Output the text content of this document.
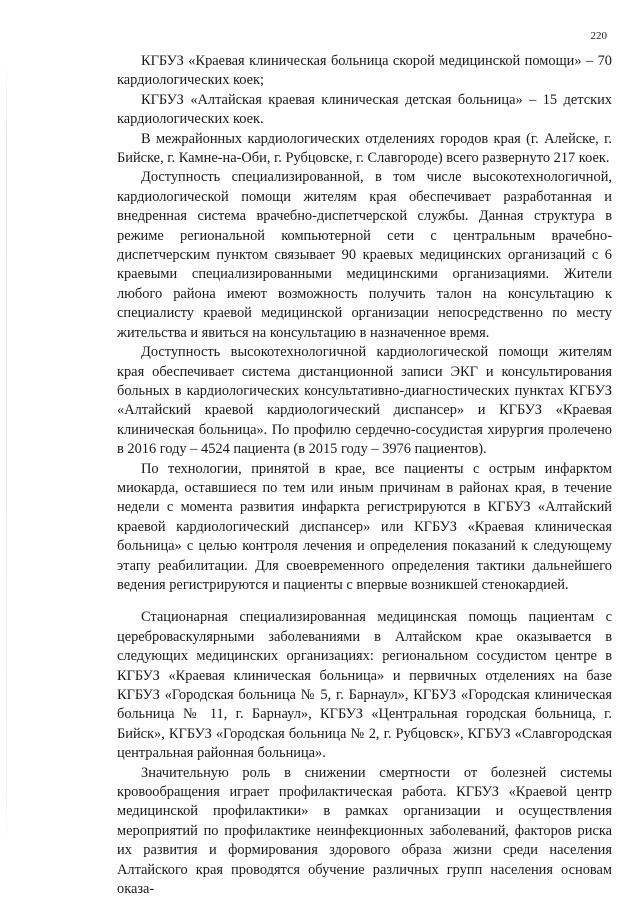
220

КГБУЗ «Краевая клиническая больница скорой медицинской помощи» – 70 кардиологических коек;

КГБУЗ «Алтайская краевая клиническая детская больница» – 15 детских кардиологических коек.

В межрайонных кардиологических отделениях городов края (г. Алейске, г. Бийске, г. Камне-на-Оби, г. Рубцовске, г. Славгороде) всего развернуто 217 коек.

Доступность специализированной, в том числе высокотехнологичной, кардиологической помощи жителям края обеспечивает разработанная и внедренная система врачебно-диспетчерской службы. Данная структура в режиме региональной компьютерной сети с центральным врачебно-диспетчерским пунктом связывает 90 краевых медицинских организаций с 6 краевыми специализированными медицинскими организациями. Жители любого района имеют возможность получить талон на консультацию к специалисту краевой медицинской организации непосредственно по месту жительства и явиться на консультацию в назначенное время.

Доступность высокотехнологичной кардиологической помощи жителям края обеспечивает система дистанционной записи ЭКГ и консультирования больных в кардиологических консультативно-диагностических пунктах КГБУЗ «Алтайский краевой кардиологический диспансер» и КГБУЗ «Краевая клиническая больница». По профилю сердечно-сосудистая хирургия пролечено в 2016 году – 4524 пациента (в 2015 году – 3976 пациентов).

По технологии, принятой в крае, все пациенты с острым инфарктом миокарда, оставшиеся по тем или иным причинам в районах края, в течение недели с момента развития инфаркта регистрируются в КГБУЗ «Алтайский краевой кардиологический диспансер» или КГБУЗ «Краевая клиническая больница» с целью контроля лечения и определения показаний к следующему этапу реабилитации. Для своевременного определения тактики дальнейшего ведения регистрируются и пациенты с впервые возникшей стенокардией.

Стационарная специализированная медицинская помощь пациентам с цереброваскулярными заболеваниями в Алтайском крае оказывается в следующих медицинских организациях: региональном сосудистом центре в КГБУЗ «Краевая клиническая больница» и первичных отделениях на базе КГБУЗ «Городская больница № 5, г. Барнаул», КГБУЗ «Городская клиническая больница № 11, г. Барнаул», КГБУЗ «Центральная городская больница, г. Бийск», КГБУЗ «Городская больница № 2, г. Рубцовск», КГБУЗ «Славгородская центральная районная больница».

Значительную роль в снижении смертности от болезней системы кровообращения играет профилактическая работа. КГБУЗ «Краевой центр медицинской профилактики» в рамках организации и осуществления мероприятий по профилактике неинфекционных заболеваний, факторов риска их развития и формирования здорового образа жизни среди населения Алтайского края проводятся обучение различных групп населения основам оказа-
